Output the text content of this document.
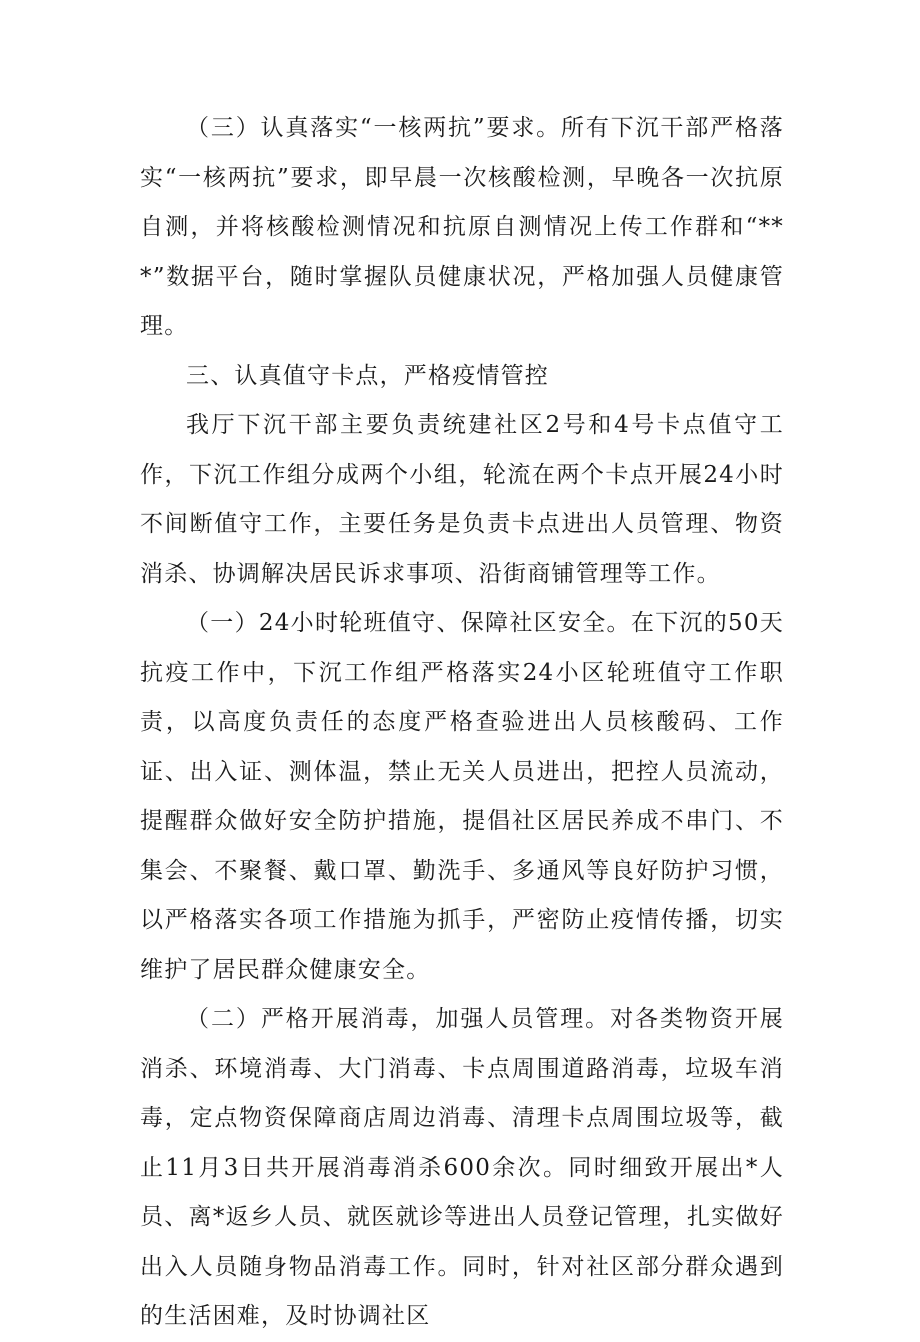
（三）认真落实“一核两抗”要求。所有下沉干部严格落实“一核两抗”要求，即早晨一次核酸检测，早晚各一次抗原自测，并将核酸检测情况和抗原自测情况上传工作群和“***”数据平台，随时掌握队员健康状况，严格加强人员健康管理。

三、认真值守卡点，严格疫情管控

我厅下沉干部主要负责统建社区2号和4号卡点值守工作，下沉工作组分成两个小组，轮流在两个卡点开展24小时不间断值守工作，主要任务是负责卡点进出人员管理、物资消杀、协调解决居民诉求事项、沿街商铺管理等工作。

（一）24小时轮班值守、保障社区安全。在下沉的50天抗疫工作中，下沉工作组严格落实24小区轮班值守工作职责，以高度负责任的态度严格查验进出人员核酸码、工作证、出入证、测体温，禁止无关人员进出，把控人员流动，提醒群众做好安全防护措施，提倡社区居民养成不串门、不集会、不聚餐、戴口罩、勤洗手、多通风等良好防护习惯，以严格落实各项工作措施为抓手，严密防止疫情传播，切实维护了居民群众健康安全。

（二）严格开展消毒，加强人员管理。对各类物资开展消杀、环境消毒、大门消毒、卡点周围道路消毒，垃圾车消毒，定点物资保障商店周边消毒、清理卡点周围垃圾等，截止11月3日共开展消毒消杀600余次。同时细致开展出*人员、离*返乡人员、就医就诊等进出人员登记管理，扎实做好出入人员随身物品消毒工作。同时，针对社区部分群众遇到的生活困难，及时协调社区
